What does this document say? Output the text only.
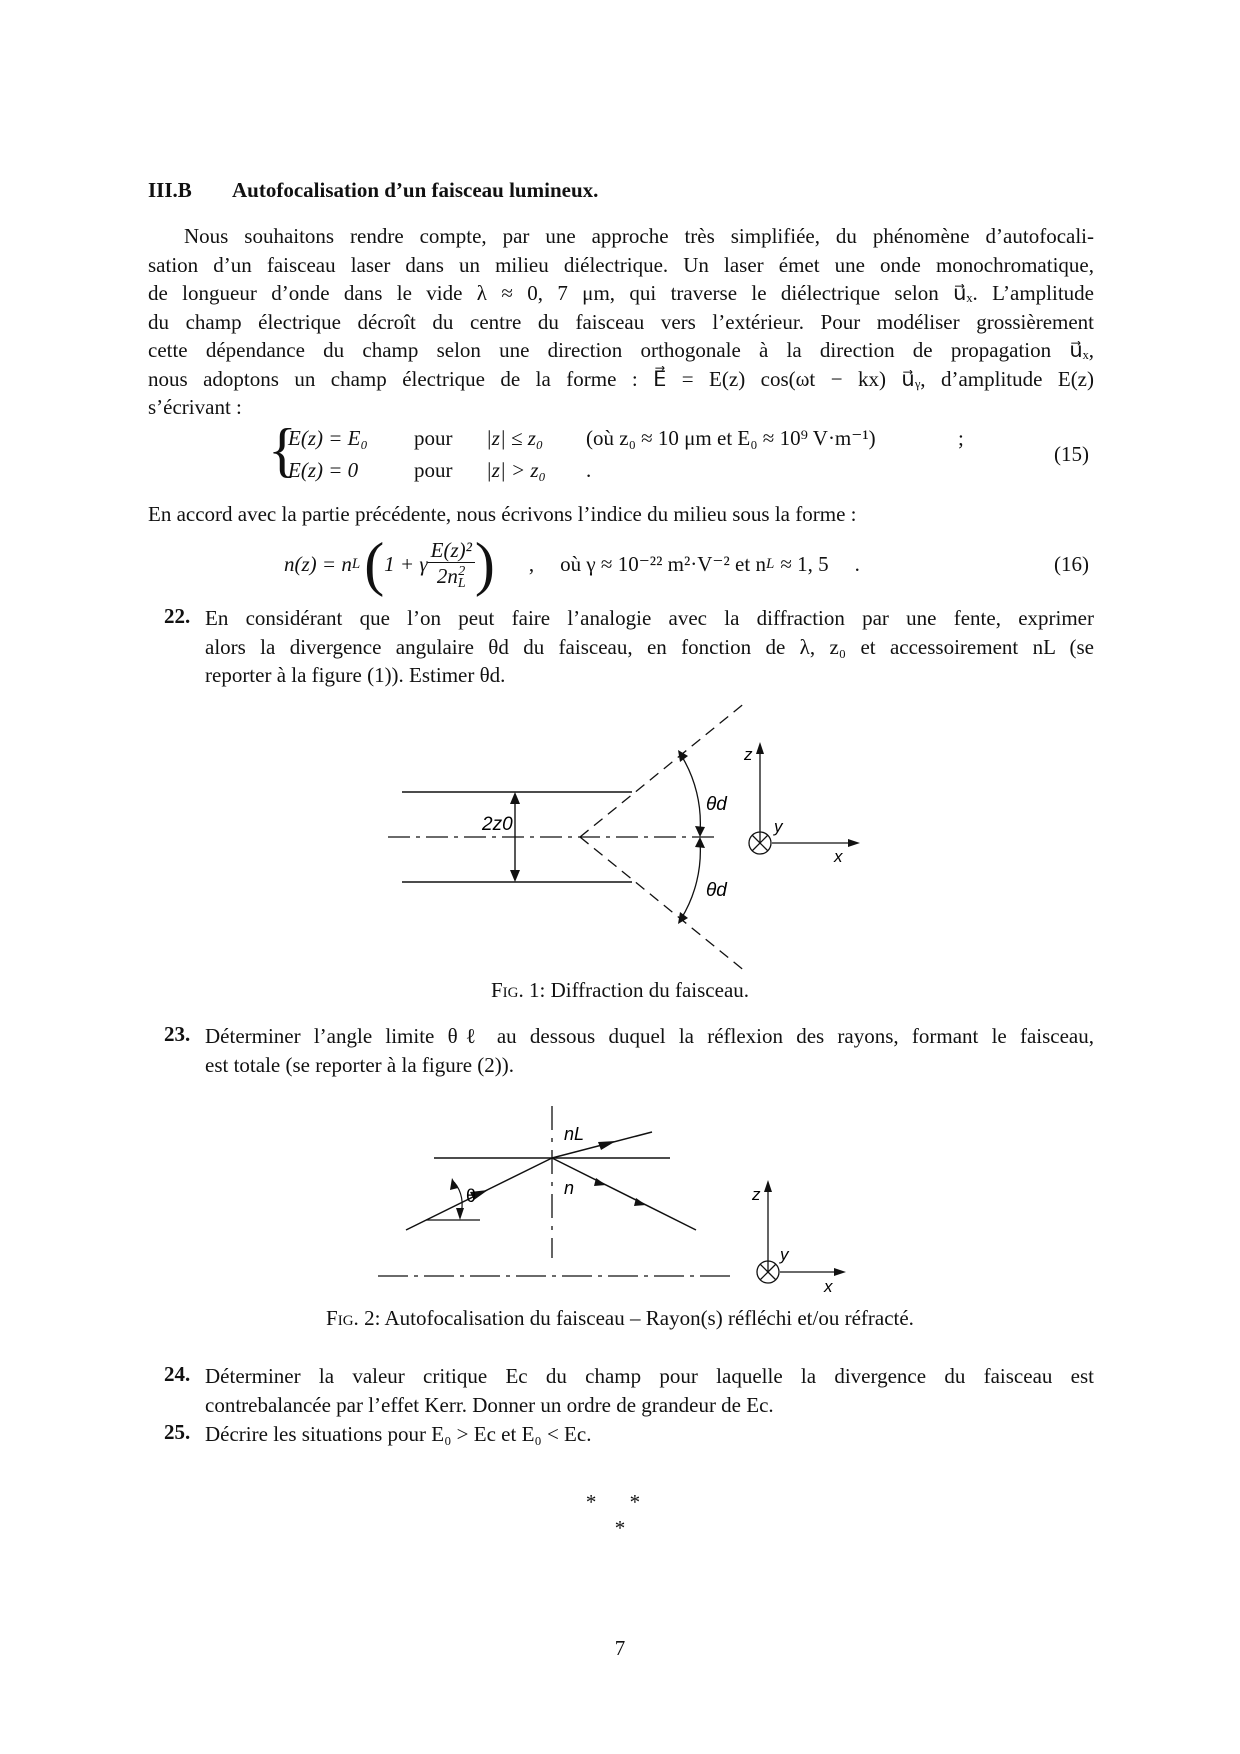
III.B Autofocalisation d’un faisceau lumineux.
Nous souhaitons rendre compte, par une approche très simplifiée, du phénomène d’autofocali-
sation d’un faisceau laser dans un milieu diélectrique. Un laser émet une onde monochromatique,
de longueur d’onde dans le vide λ ≈ 0, 7 μm, qui traverse le diélectrique selon u⃗ₓ. L’amplitude
du champ électrique décroît du centre du faisceau vers l’extérieur. Pour modéliser grossièrement
cette dépendance du champ selon une direction orthogonale à la direction de propagation u⃗ₓ,
nous adoptons un champ électrique de la forme : E⃗ = E(z) cos(ωt − kx) u⃗ᵧ, d’amplitude E(z)
s’écrivant :
{
E(z) = E₀ pour |z| ≤ z₀ (où z₀ ≈ 10 μm et E₀ ≈ 10⁹ V·m⁻¹)	;
E(z) = 0	pour |z| > z₀ .
(15)
En accord avec la partie précédente, nous écrivons l’indice du milieu sous la forme :
n(z) = n L ( 1 + γ E(z)²
2n 2
L ) , où γ ≈ 10⁻²² m²·V⁻² et n L ≈ 1, 5 .	(16)
22. En considérant que l’on peut faire l’analogie avec la diffraction par une fente, exprimer
alors la divergence angulaire θd du faisceau, en fonction de λ, z₀ et accessoirement nL (se
reporter à la figure (1)). Estimer θd.
2z0
θd
θd
z
y
x
Fig. 1: Diffraction du faisceau.
23. Déterminer l’angle limite θℓ au dessous duquel la réflexion des rayons, formant le faisceau,
est totale (se reporter à la figure (2)).
θ
nL
n	z
y
x
Fig. 2: Autofocalisation du faisceau – Rayon(s) réfléchi et/ou réfracté.
24. Déterminer la valeur critique Ec du champ pour laquelle la divergence du faisceau est
contrebalancée par l’effet Kerr. Donner un ordre de grandeur de Ec.
25. Décrire les situations pour E₀ > Ec et E₀ < Ec.
* *
*
7
